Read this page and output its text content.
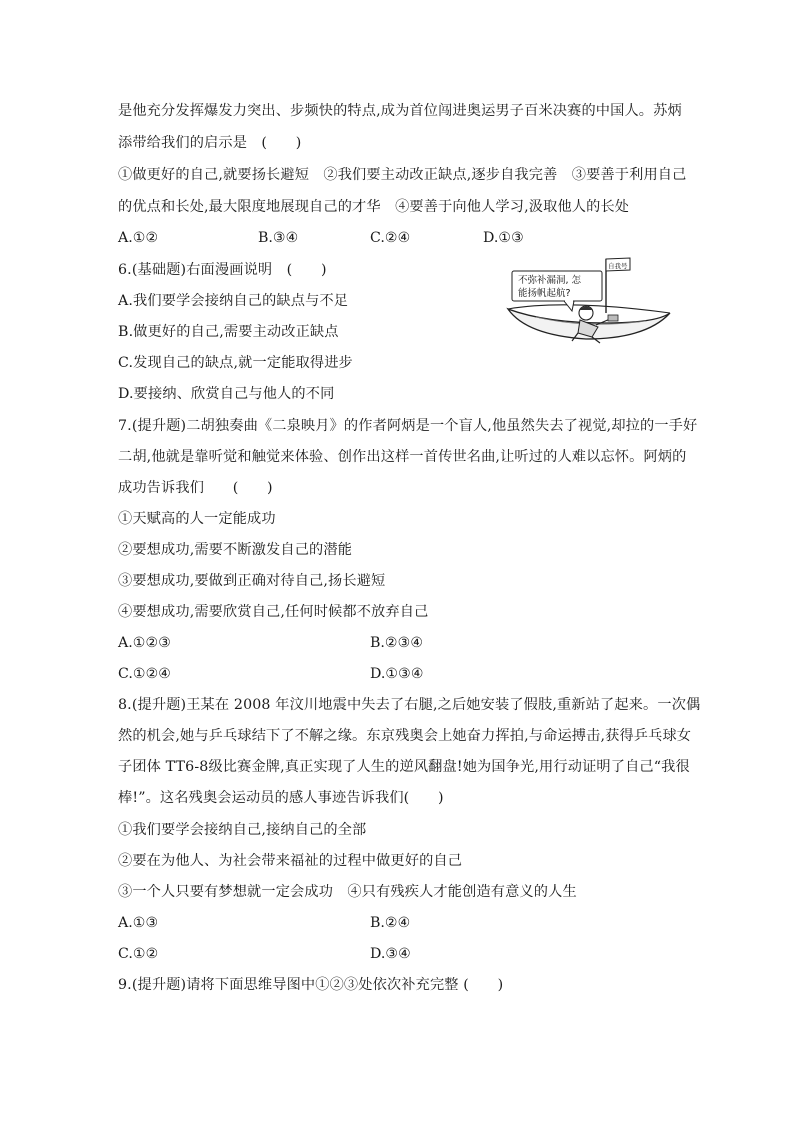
是他充分发挥爆发力突出、步频快的特点,成为首位闯进奥运男子百米决赛的中国人。苏炳
添带给我们的启示是　(　　)
①做更好的自己,就要扬长避短　②我们要主动改正缺点,逐步自我完善　③要善于利用自己
的优点和长处,最大限度地展现自己的才华　④要善于向他人学习,汲取他人的长处
A.①②	B.③④	C.②④	D.①③
6.(基础题)右面漫画说明　(　　)
A.我们要学会接纳自己的缺点与不足
B.做更好的自己,需要主动改正缺点
C.发现自己的缺点,就一定能取得进步
D.要接纳、欣赏自己与他人的不同
自我号
不弥补漏洞, 怎
能扬帆起航?
7.(提升题)二胡独奏曲《二泉映月》的作者阿炳是一个盲人,他虽然失去了视觉,却拉的一手好
二胡,他就是靠听觉和触觉来体验、创作出这样一首传世名曲,让听过的人难以忘怀。阿炳的
成功告诉我们　　(　　)
①天赋高的人一定能成功
②要想成功,需要不断激发自己的潜能
③要想成功,要做到正确对待自己,扬长避短
④要想成功,需要欣赏自己,任何时候都不放弃自己
A.①②③	B.②③④
C.①②④	D.①③④
8.(提升题)王某在 2008 年汶川地震中失去了右腿,之后她安装了假肢,重新站了起来。一次偶
然的机会,她与乒乓球结下了不解之缘。东京残奥会上她奋力挥拍,与命运搏击,获得乒乓球女
子团体 TT6-8级比赛金牌,真正实现了人生的逆风翻盘!她为国争光,用行动证明了自己“我很
棒!”。这名残奥会运动员的感人事迹告诉我们(　　)
①我们要学会接纳自己,接纳自己的全部
②要在为他人、为社会带来福祉的过程中做更好的自己
③一个人只要有梦想就一定会成功　④只有残疾人才能创造有意义的人生
A.①③	B.②④
C.①②	D.③④
9.(提升题)请将下面思维导图中①②③处依次补充完整 (　　)
